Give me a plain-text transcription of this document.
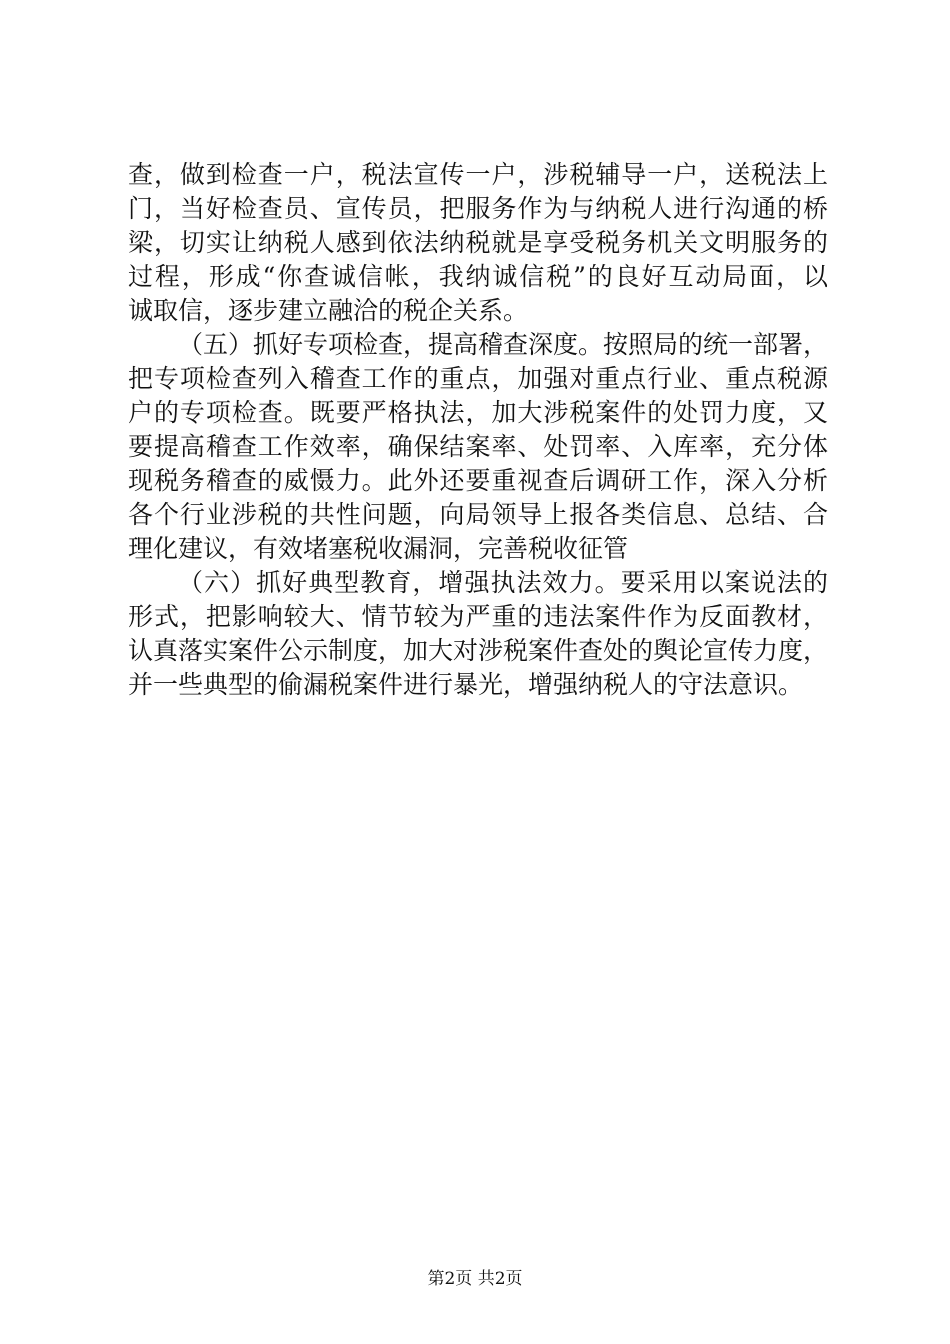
查，做到检查一户，税法宣传一户，涉税辅导一户，送税法上
门，当好检查员、宣传员，把服务作为与纳税人进行沟通的桥
梁，切实让纳税人感到依法纳税就是享受税务机关文明服务的
过程，形成“你查诚信帐，我纳诚信税”的良好互动局面，以
诚取信，逐步建立融洽的税企关系。
（五）抓好专项检查，提高稽查深度。按照局的统一部署，
把专项检查列入稽查工作的重点，加强对重点行业、重点税源
户的专项检查。既要严格执法，加大涉税案件的处罚力度，又
要提高稽查工作效率，确保结案率、处罚率、入库率，充分体
现税务稽查的威慑力。此外还要重视查后调研工作，深入分析
各个行业涉税的共性问题，向局领导上报各类信息、总结、合
理化建议，有效堵塞税收漏洞，完善税收征管
（六）抓好典型教育，增强执法效力。要采用以案说法的
形式，把影响较大、情节较为严重的违法案件作为反面教材，
认真落实案件公示制度，加大对涉税案件查处的舆论宣传力度，
并一些典型的偷漏税案件进行暴光，增强纳税人的守法意识。
第2页 共2页
